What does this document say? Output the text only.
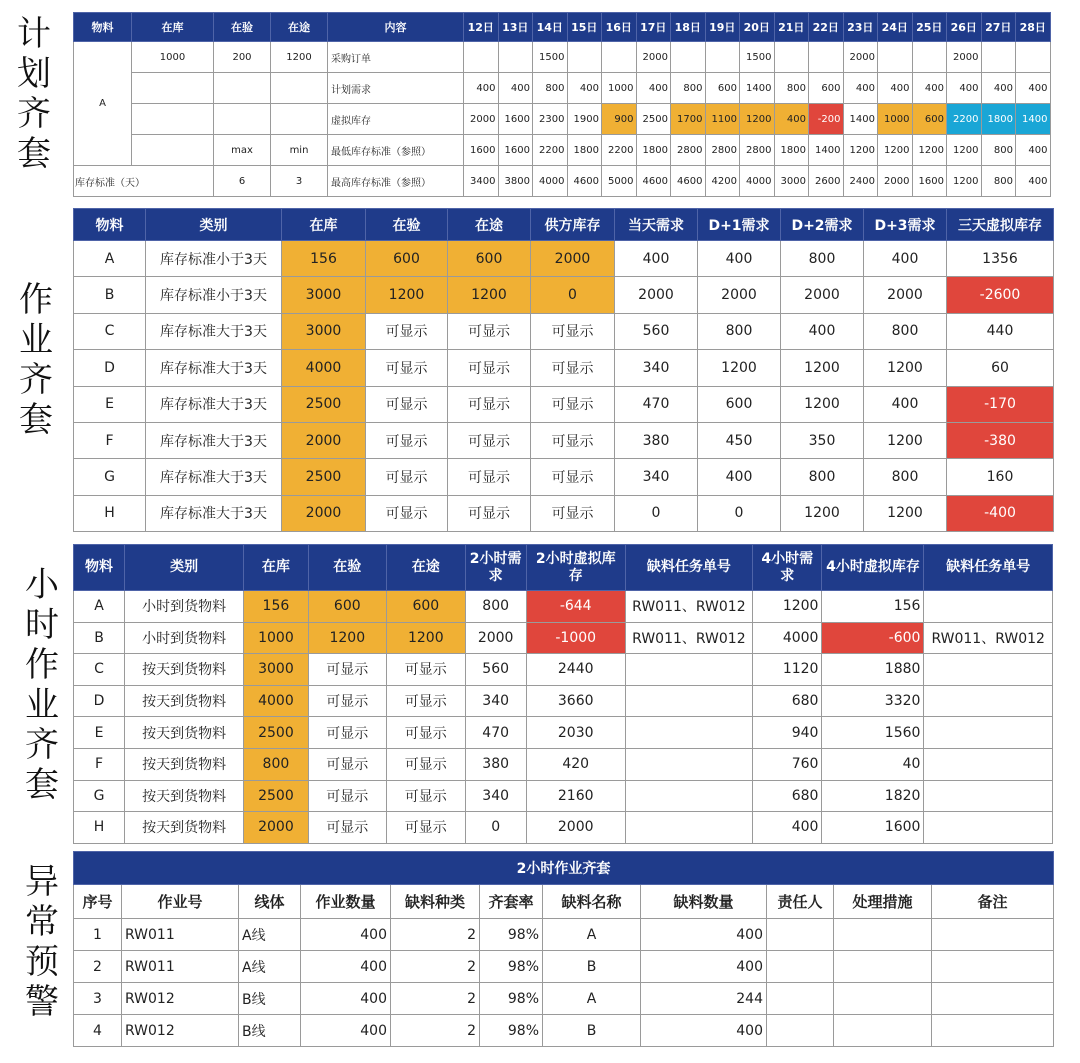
计
划
齐
套
作
业
齐
套
小
时
作
业
齐
套
异
常
预
警
物料	在库	在验	在途	内容	12日	13日	14日	15日	16日	17日	18日	19日	20日	21日	22日	23日	24日	25日	26日	27日	28日
A	1000	200	1200	采购订单			1500			2000			1500			2000			2000		
				计划需求	400	400	800	400	1000	400	800	600	1400	800	600	400	400	400	400	400	400
				虚拟库存	2000	1600	2300	1900	900	2500	1700	1100	1200	400	-200	1400	1000	600	2200	1800	1400
		max	min	最低库存标准（参照）	1600	1600	2200	1800	2200	1800	2800	2800	2800	1800	1400	1200	1200	1200	1200	800	400
库存标准（天）		6	3	最高库存标准（参照）	3400	3800	4000	4600	5000	4600	4600	4200	4000	3000	2600	2400	2000	1600	1200	800	400
物料	类别	在库	在验	在途	供方库存	当天需求	D+1需求	D+2需求	D+3需求	三天虚拟库存
A	库存标准小于3天	156	600	600	2000	400	400	800	400	1356
B	库存标准小于3天	3000	1200	1200	0	2000	2000	2000	2000	-2600
C	库存标准大于3天	3000	可显示	可显示	可显示	560	800	400	800	440
D	库存标准大于3天	4000	可显示	可显示	可显示	340	1200	1200	1200	60
E	库存标准大于3天	2500	可显示	可显示	可显示	470	600	1200	400	-170
F	库存标准大于3天	2000	可显示	可显示	可显示	380	450	350	1200	-380
G	库存标准大于3天	2500	可显示	可显示	可显示	340	400	800	800	160
H	库存标准大于3天	2000	可显示	可显示	可显示	0	0	1200	1200	-400
物料	类别	在库	在验	在途	2小时需求	2小时虚拟库存	缺料任务单号	4小时需求	4小时虚拟库存	缺料任务单号
A	小时到货物料	156	600	600	800	-644	RW011、RW012	1200	156	
B	小时到货物料	1000	1200	1200	2000	-1000	RW011、RW012	4000	-600	RW011、RW012
C	按天到货物料	3000	可显示	可显示	560	2440		1120	1880	
D	按天到货物料	4000	可显示	可显示	340	3660		680	3320	
E	按天到货物料	2500	可显示	可显示	470	2030		940	1560	
F	按天到货物料	800	可显示	可显示	380	420		760	40	
G	按天到货物料	2500	可显示	可显示	340	2160		680	1820	
H	按天到货物料	2000	可显示	可显示	0	2000		400	1600	
2小时作业齐套										
序号	作业号	线体	作业数量	缺料种类	齐套率	缺料名称	缺料数量	责任人	处理措施	备注
1	RW011	A线	400	2	98%	A	400			
2	RW011	A线	400	2	98%	B	400			
3	RW012	B线	400	2	98%	A	244			
4	RW012	B线	400	2	98%	B	400			
